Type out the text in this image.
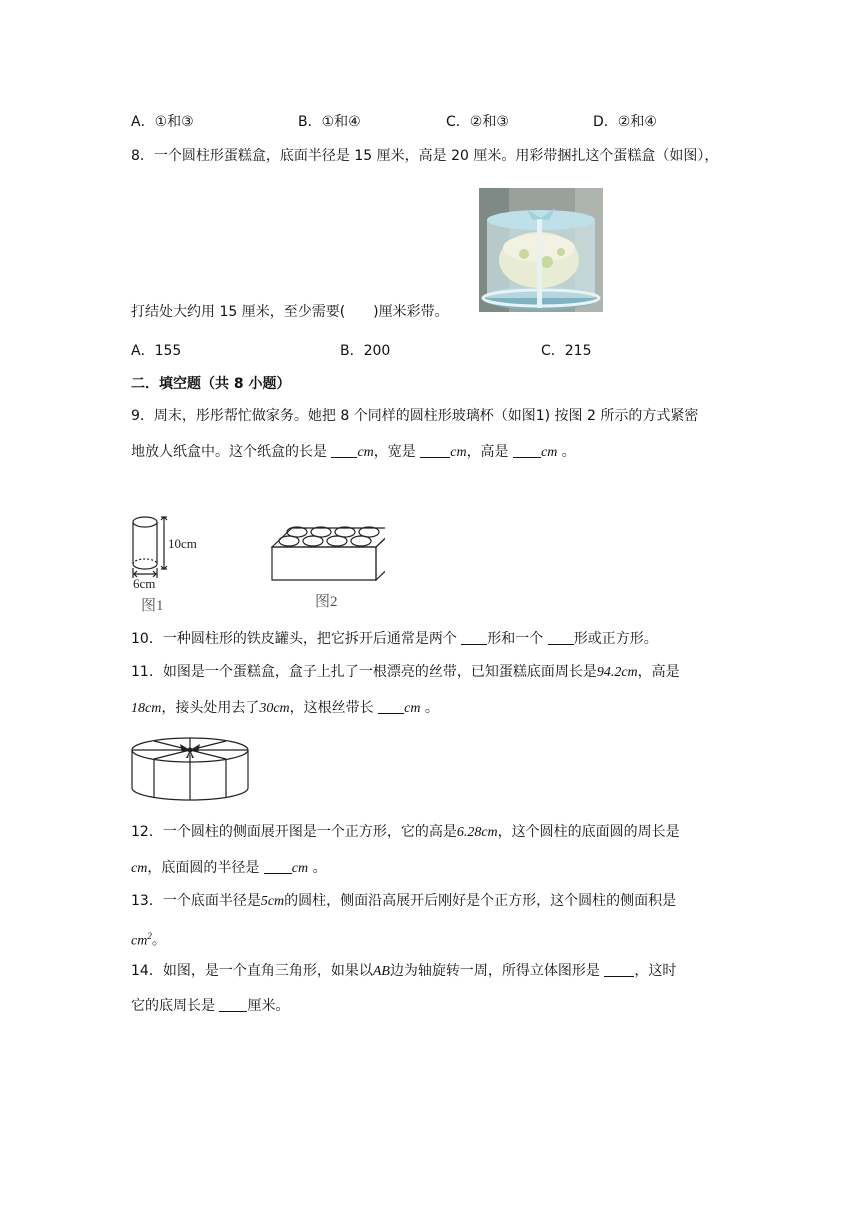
A．①和③	B．①和④	C．②和③	D．②和④
8．一个圆柱形蛋糕盒，底面半径是 15 厘米，高是 20 厘米。用彩带捆扎这个蛋糕盒（如图），
打结处大约用 15 厘米，至少需要(　　)厘米彩带。
A．155	B．200	C．215
二．填空题（共 8 小题）
9．周末，彤彤帮忙做家务。她把 8 个同样的圆柱形玻璃杯（如图1) 按图 2 所示的方式紧密
地放人纸盒中。这个纸盒的长是 cm，宽是 cm，高是 cm 。
10cm
6cm
图1	图2
10．一种圆柱形的铁皮罐头，把它拆开后通常是两个 形和一个 形或正方形。
11．如图是一个蛋糕盒，盒子上扎了一根漂亮的丝带，已知蛋糕底面周长是94.2cm，高是
18cm，接头处用去了30cm，这根丝带长 cm 。
12．一个圆柱的侧面展开图是一个正方形，它的高是6.28cm，这个圆柱的底面圆的周长是
cm，底面圆的半径是 cm 。
13．一个底面半径是5cm的圆柱，侧面沿高展开后刚好是个正方形，这个圆柱的侧面积是
$cm^2$。
14．如图，是一个直角三角形，如果以AB边为轴旋转一周，所得立体图形是 ，这时
它的底周长是 厘米。
